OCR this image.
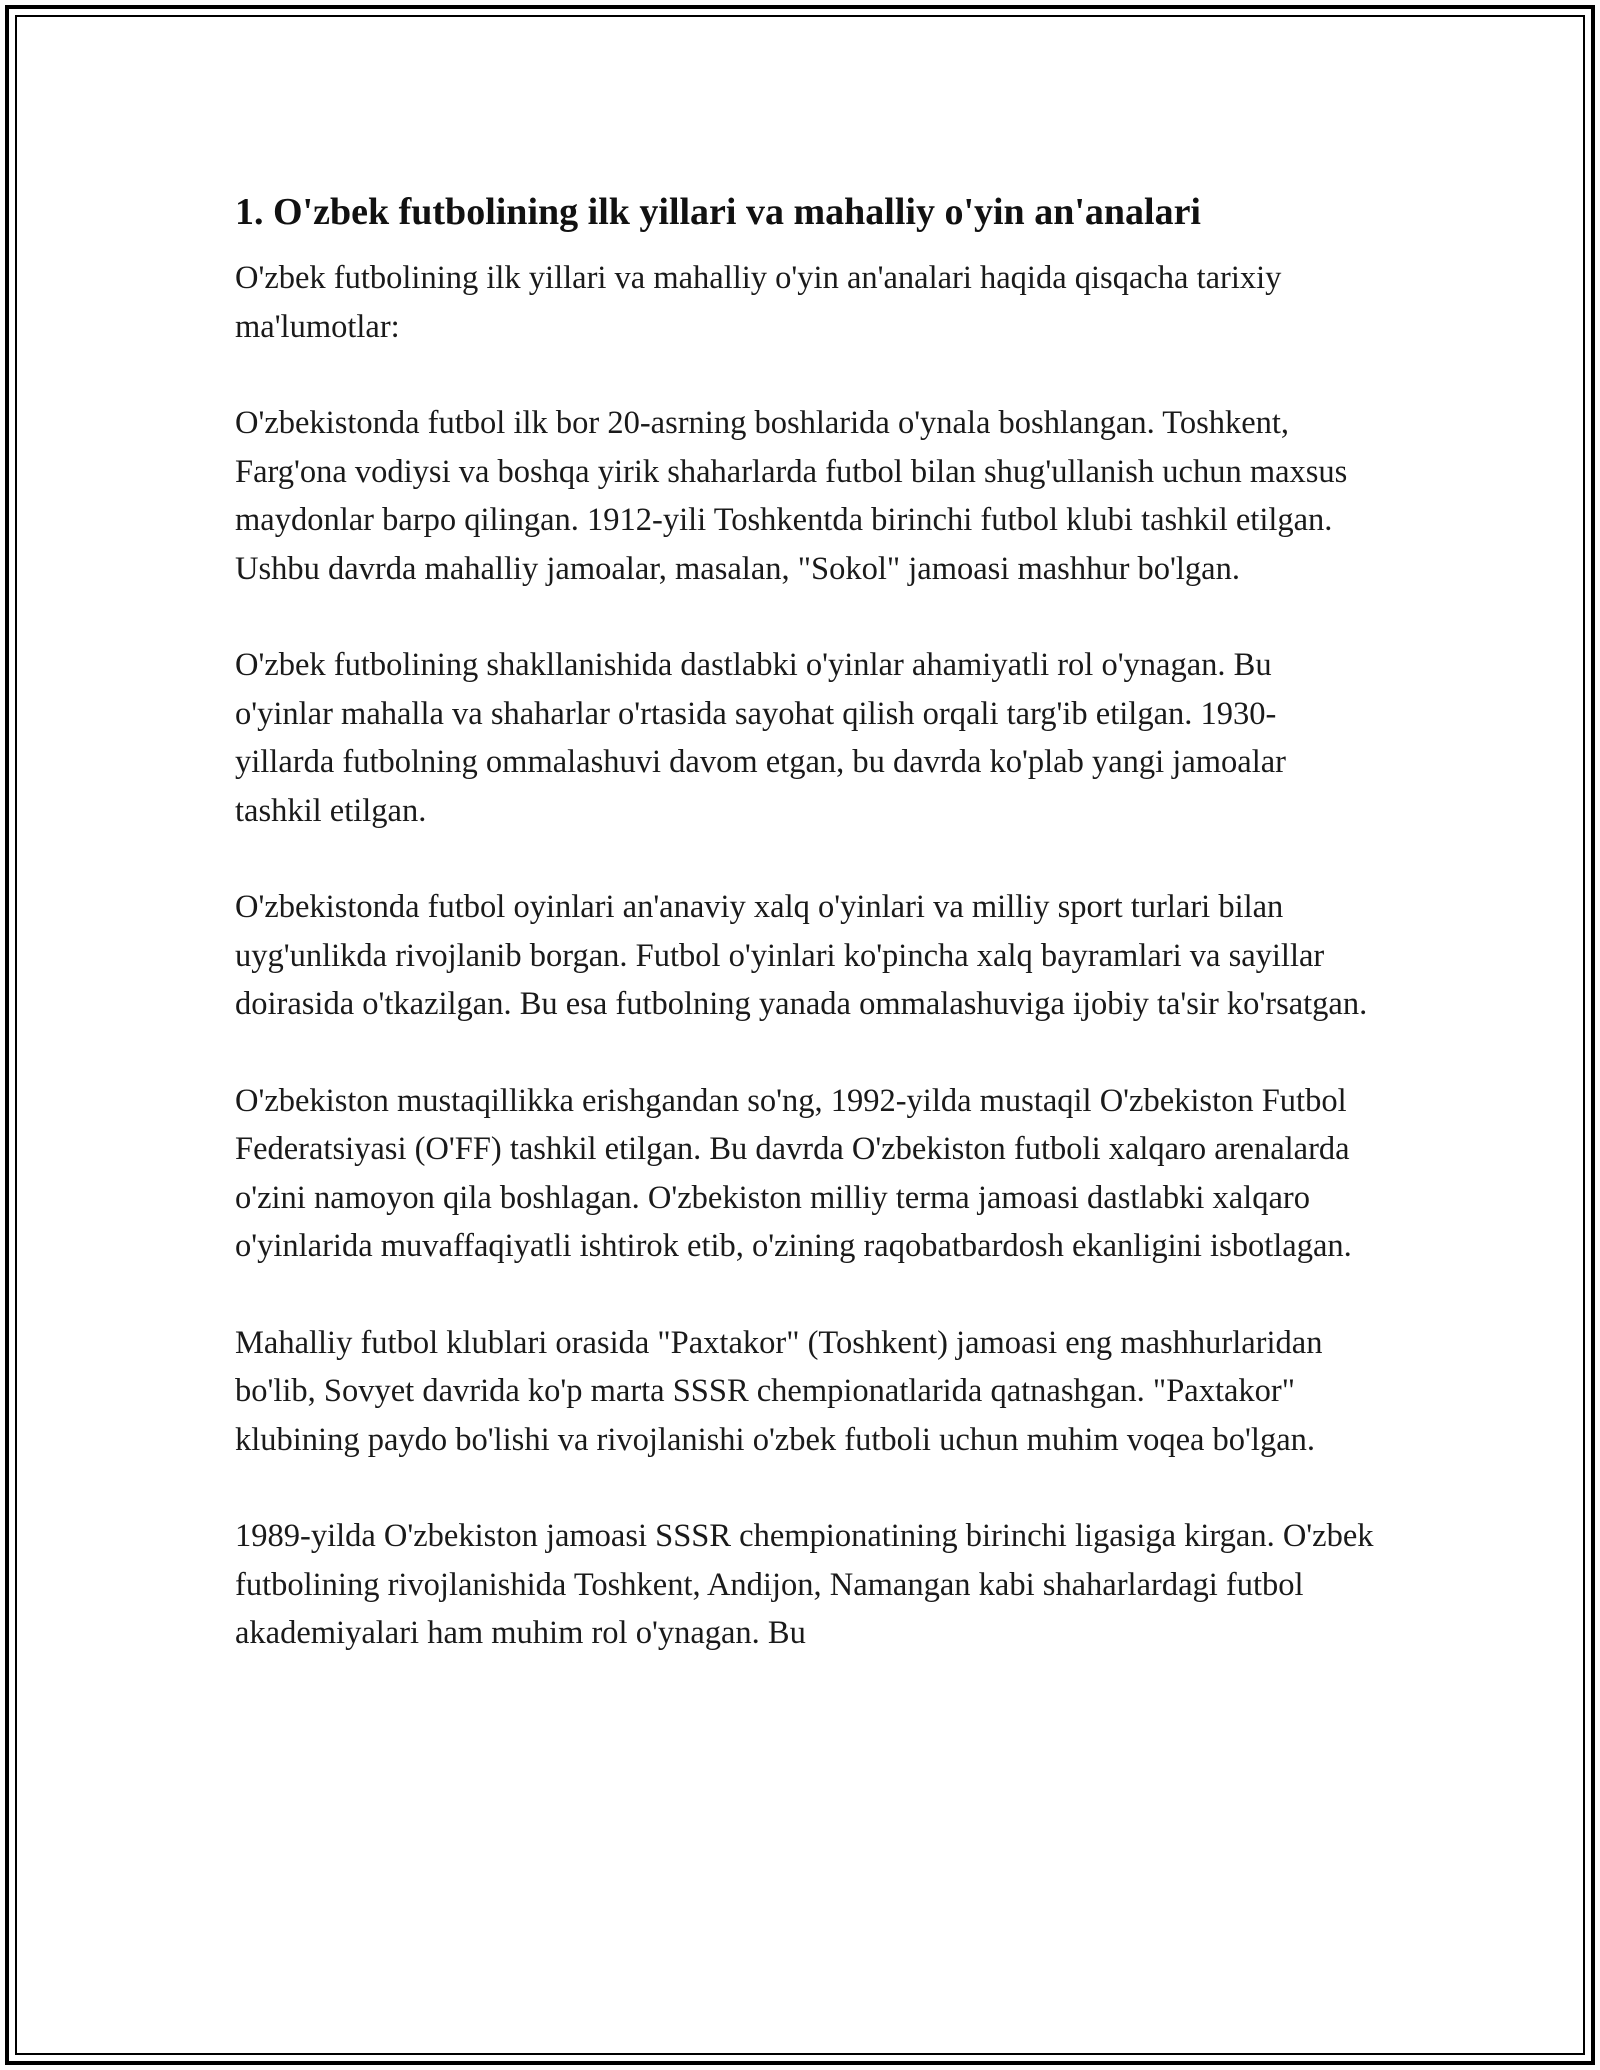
1. O'zbek futbolining ilk yillari va mahalliy o'yin an'analari

O'zbek futbolining ilk yillari va mahalliy o'yin an'analari haqida qisqacha tarixiy ma'lumotlar:

O'zbekistonda futbol ilk bor 20-asrning boshlarida o'ynala boshlangan. Toshkent, Farg'ona vodiysi va boshqa yirik shaharlarda futbol bilan shug'ullanish uchun maxsus maydonlar barpo qilingan. 1912-yili Toshkentda birinchi futbol klubi tashkil etilgan. Ushbu davrda mahalliy jamoalar, masalan, "Sokol" jamoasi mashhur bo'lgan.

O'zbek futbolining shakllanishida dastlabki o'yinlar ahamiyatli rol o'ynagan. Bu o'yinlar mahalla va shaharlar o'rtasida sayohat qilish orqali targ'ib etilgan. 1930-yillarda futbolning ommalashuvi davom etgan, bu davrda ko'plab yangi jamoalar tashkil etilgan.

O'zbekistonda futbol oyinlari an'anaviy xalq o'yinlari va milliy sport turlari bilan uyg'unlikda rivojlanib borgan. Futbol o'yinlari ko'pincha xalq bayramlari va sayillar doirasida o'tkazilgan. Bu esa futbolning yanada ommalashuviga ijobiy ta'sir ko'rsatgan.

O'zbekiston mustaqillikka erishgandan so'ng, 1992-yilda mustaqil O'zbekiston Futbol Federatsiyasi (O'FF) tashkil etilgan. Bu davrda O'zbekiston futboli xalqaro arenalarda o'zini namoyon qila boshlagan. O'zbekiston milliy terma jamoasi dastlabki xalqaro o'yinlarida muvaffaqiyatli ishtirok etib, o'zining raqobatbardosh ekanligini isbotlagan.

Mahalliy futbol klublari orasida "Paxtakor" (Toshkent) jamoasi eng mashhurlaridan bo'lib, Sovyet davrida ko'p marta SSSR chempionatlarida qatnashgan. "Paxtakor" klubining paydo bo'lishi va rivojlanishi o'zbek futboli uchun muhim voqea bo'lgan.

1989-yilda O'zbekiston jamoasi SSSR chempionatining birinchi ligasiga kirgan. O'zbek futbolining rivojlanishida Toshkent, Andijon, Namangan kabi shaharlardagi futbol akademiyalari ham muhim rol o'ynagan. Bu
